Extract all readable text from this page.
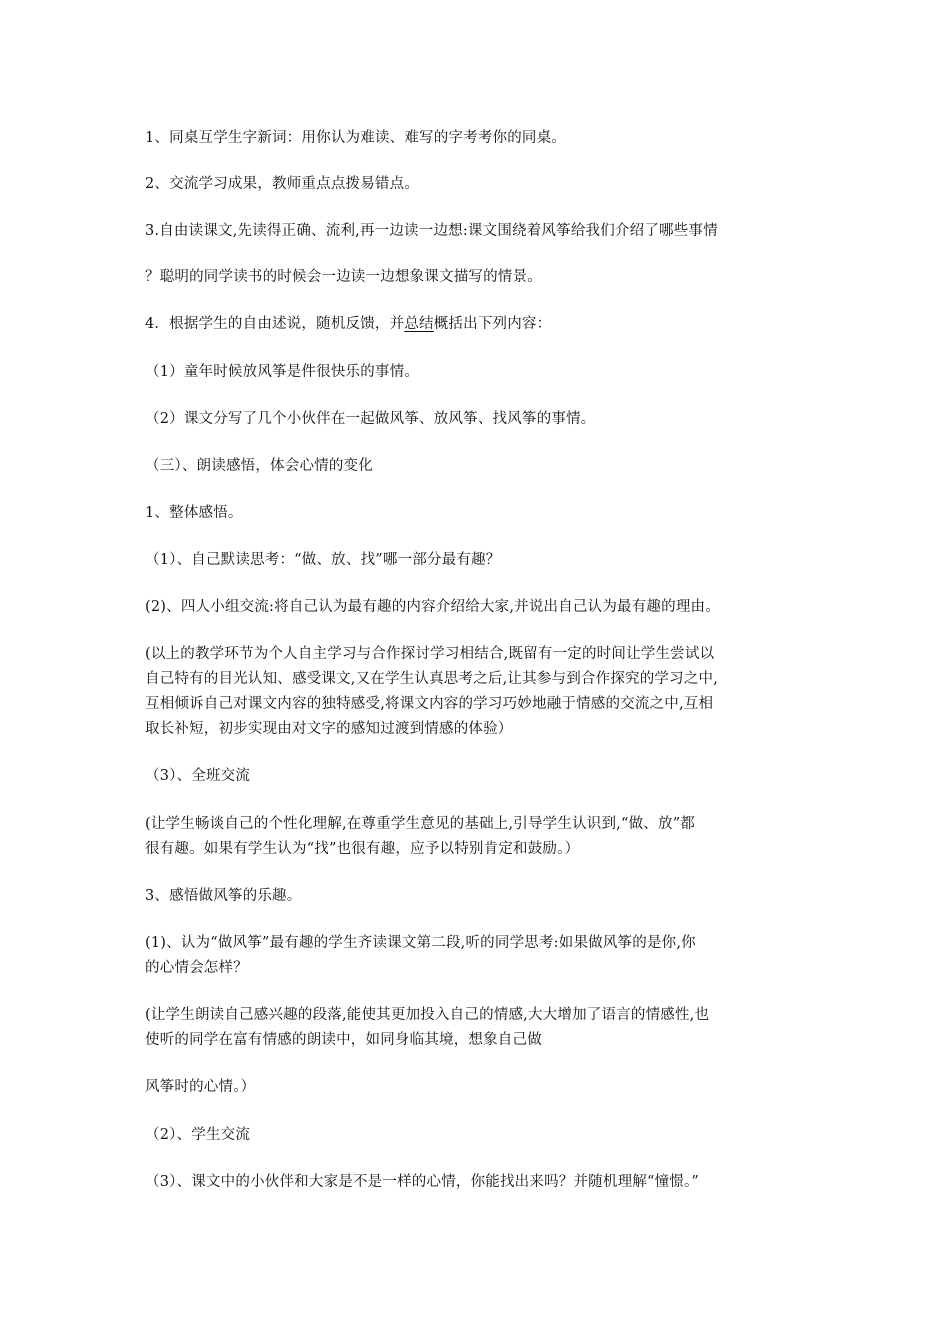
1、同桌互学生字新词：用你认为难读、难写的字考考你的同桌。
2、交流学习成果，教师重点点拨易错点。
3.自由读课文,先读得正确、流利,再一边读一边想:课文围绕着风筝给我们介绍了哪些事情
？聪明的同学读书的时候会一边读一边想象课文描写的情景。
4．根据学生的自由述说，随机反馈，并总结概括出下列内容：
（1）童年时候放风筝是件很快乐的事情。
（2）课文分写了几个小伙伴在一起做风筝、放风筝、找风筝的事情。
（三）、朗读感悟，体会心情的变化
1、整体感悟。
（1）、自己默读思考：“做、放、找”哪一部分最有趣？
(2)、四人小组交流:将自己认为最有趣的内容介绍给大家,并说出自己认为最有趣的理由。
(以上的教学环节为个人自主学习与合作探讨学习相结合,既留有一定的时间让学生尝试以
自己特有的目光认知、感受课文,又在学生认真思考之后,让其参与到合作探究的学习之中,
互相倾诉自己对课文内容的独特感受,将课文内容的学习巧妙地融于情感的交流之中,互相
取长补短，初步实现由对文字的感知过渡到情感的体验）
（3）、全班交流
(让学生畅谈自己的个性化理解,在尊重学生意见的基础上,引导学生认识到,“做、放”都
很有趣。如果有学生认为“找”也很有趣，应予以特别肯定和鼓励。）
3、感悟做风筝的乐趣。
(1)、认为“做风筝”最有趣的学生齐读课文第二段,听的同学思考:如果做风筝的是你,你
的心情会怎样？
(让学生朗读自己感兴趣的段落,能使其更加投入自己的情感,大大增加了语言的情感性,也
使听的同学在富有情感的朗读中，如同身临其境，想象自己做
风筝时的心情。）
（2）、学生交流
（3）、课文中的小伙伴和大家是不是一样的心情，你能找出来吗？并随机理解“憧憬。”
